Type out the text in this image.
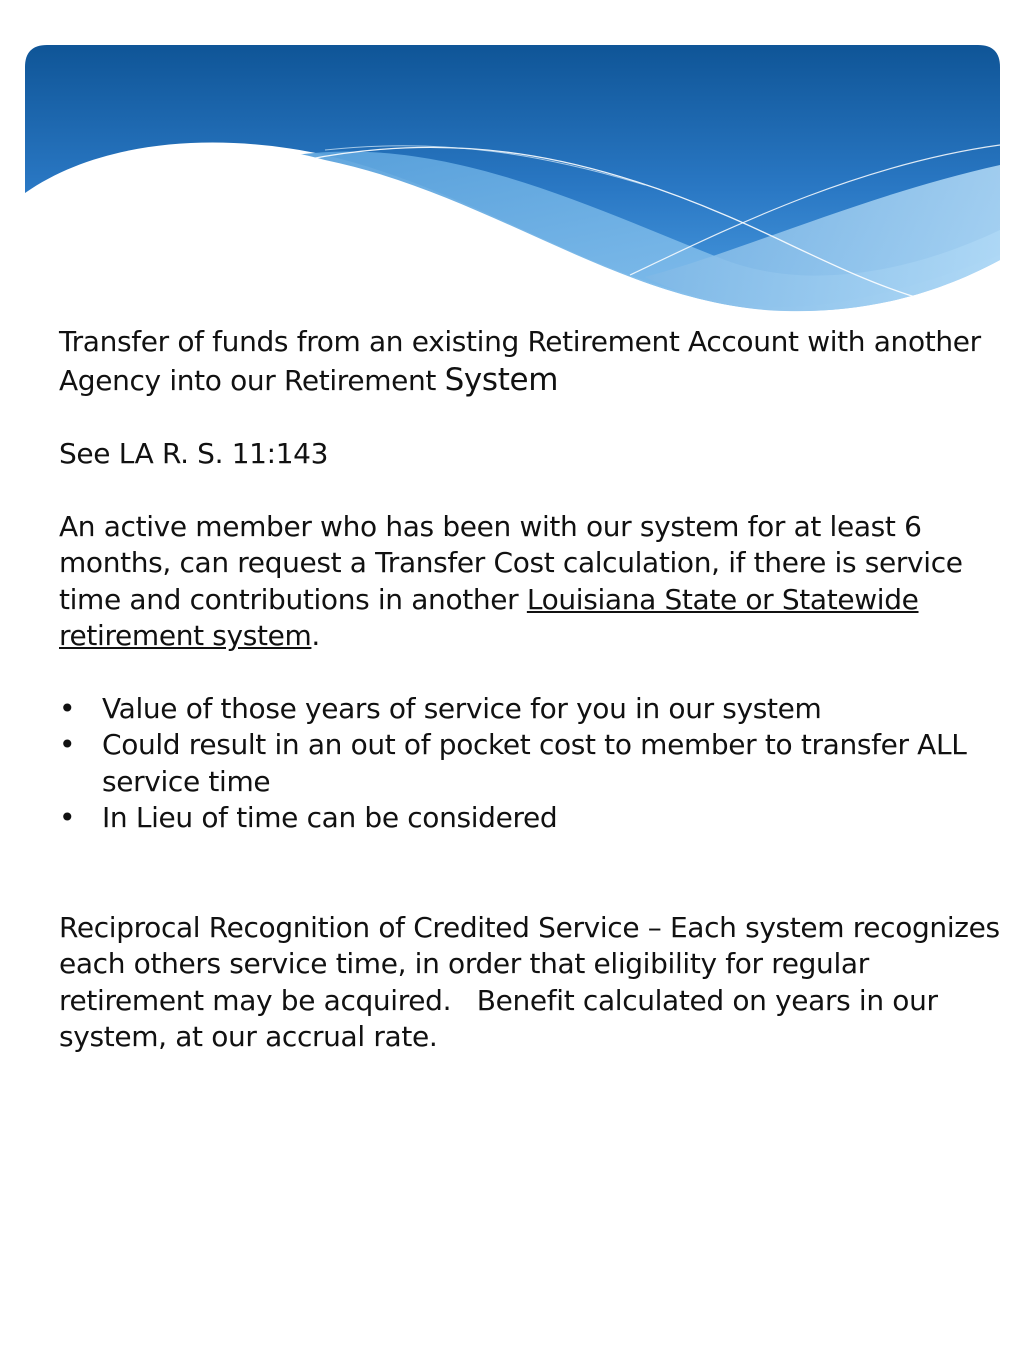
Transfer of funds from an existing Retirement Account with another Agency into our Retirement System

See LA R. S. 11:143

An active member who has been with our system for at least 6 months, can request a Transfer Cost calculation, if there is service time and contributions in another Louisiana State or Statewide retirement system.

• Value of those years of service for you in our system
• Could result in an out of pocket cost to member to transfer ALL service time
• In Lieu of time can be considered

Reciprocal Recognition of Credited Service – Each system recognizes each others service time, in order that eligibility for regular retirement may be acquired.   Benefit calculated on years in our system, at our accrual rate.
